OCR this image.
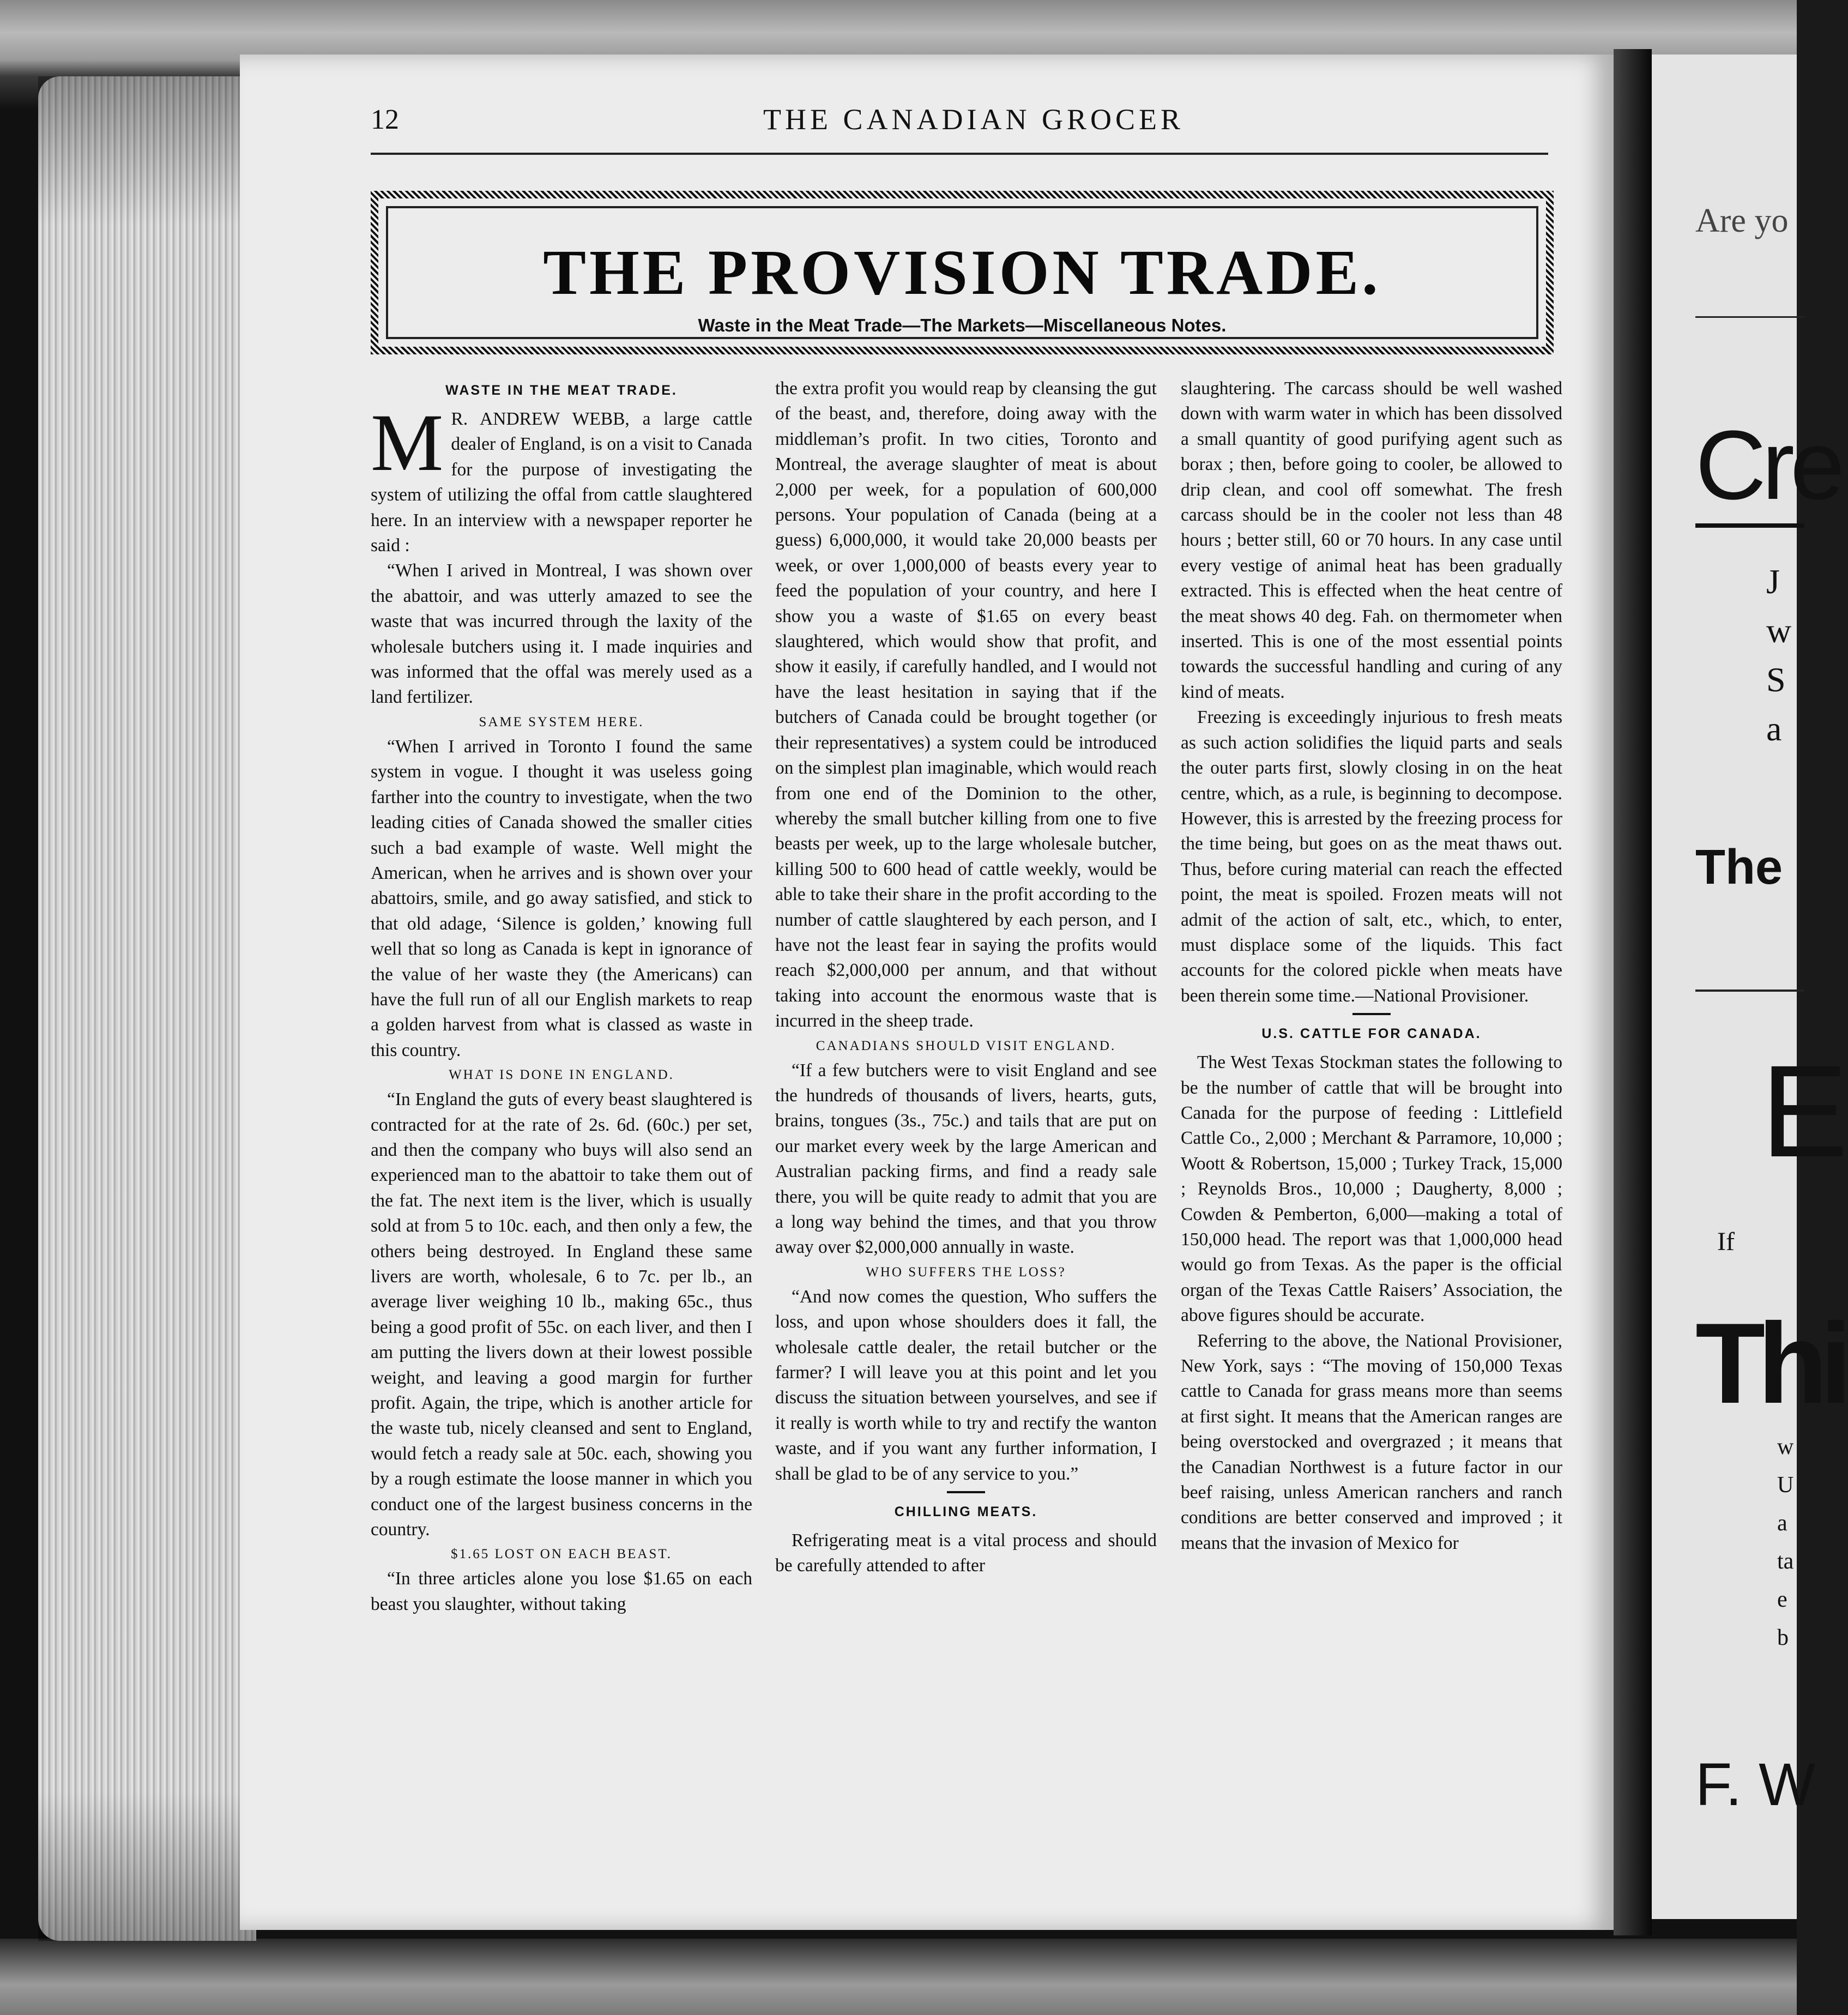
Are yo
Cre
J
w
S
a
The
E
If
Thi
w
U
a
ta
e
b
F. W
12	THE CANADIAN GROCER
THE PROVISION TRADE.
Waste in the Meat Trade—The Markets—Miscellaneous Notes.
WASTE IN THE MEAT TRADE.

M R. ANDREW WEBB, a large cattle dealer of England, is on a visit to Canada for the purpose of investigating the system of utilizing the offal from cattle slaughtered here. In an interview with a newspaper reporter he said :

“When I arived in Montreal, I was shown over the abattoir, and was utterly amazed to see the waste that was incurred through the laxity of the wholesale butchers using it. I made inquiries and was informed that the offal was merely used as a land fertilizer.

SAME SYSTEM HERE.

“When I arrived in Toronto I found the same system in vogue. I thought it was useless going farther into the country to investigate, when the two leading cities of Canada showed the smaller cities such a bad example of waste. Well might the American, when he arrives and is shown over your abattoirs, smile, and go away satisfied, and stick to that old adage, ‘Silence is golden,’ knowing full well that so long as Canada is kept in ignorance of the value of her waste they (the Americans) can have the full run of all our English markets to reap a golden harvest from what is classed as waste in this country.

WHAT IS DONE IN ENGLAND.

“In England the guts of every beast slaughtered is contracted for at the rate of 2s. 6d. (60c.) per set, and then the company who buys will also send an experienced man to the abattoir to take them out of the fat. The next item is the liver, which is usually sold at from 5 to 10c. each, and then only a few, the others being destroyed. In England these same livers are worth, wholesale, 6 to 7c. per lb., an average liver weighing 10 lb., making 65c., thus being a good profit of 55c. on each liver, and then I am putting the livers down at their lowest possible weight, and leaving a good margin for further profit. Again, the tripe, which is another article for the waste tub, nicely cleansed and sent to England, would fetch a ready sale at 50c. each, showing you by a rough estimate the loose manner in which you conduct one of the largest business concerns in the country.

$1.65 LOST ON EACH BEAST.

“In three articles alone you lose $1.65 on each beast you slaughter, without taking

the extra profit you would reap by cleansing the gut of the beast, and, therefore, doing away with the middleman’s profit. In two cities, Toronto and Montreal, the average slaughter of meat is about 2,000 per week, for a population of 600,000 persons. Your population of Canada (being at a guess) 6,000,000, it would take 20,000 beasts per week, or over 1,000,000 of beasts every year to feed the population of your country, and here I show you a waste of $1.65 on every beast slaughtered, which would show that profit, and show it easily, if carefully handled, and I would not have the least hesitation in saying that if the butchers of Canada could be brought together (or their representatives) a system could be introduced on the simplest plan imaginable, which would reach from one end of the Dominion to the other, whereby the small butcher killing from one to five beasts per week, up to the large wholesale butcher, killing 500 to 600 head of cattle weekly, would be able to take their share in the profit according to the number of cattle slaughtered by each person, and I have not the least fear in saying the profits would reach $2,000,000 per annum, and that without taking into account the enormous waste that is incurred in the sheep trade.

CANADIANS SHOULD VISIT ENGLAND.

“If a few butchers were to visit England and see the hundreds of thousands of livers, hearts, guts, brains, tongues (3s., 75c.) and tails that are put on our market every week by the large American and Australian packing firms, and find a ready sale there, you will be quite ready to admit that you are a long way behind the times, and that you throw away over $2,000,000 annually in waste.

WHO SUFFERS THE LOSS?

“And now comes the question, Who suffers the loss, and upon whose shoulders does it fall, the wholesale cattle dealer, the retail butcher or the farmer? I will leave you at this point and let you discuss the situation between yourselves, and see if it really is worth while to try and rectify the wanton waste, and if you want any further information, I shall be glad to be of any service to you.”

CHILLING MEATS.

Refrigerating meat is a vital process and should be carefully attended to after

slaughtering. The carcass should be well washed down with warm water in which has been dissolved a small quantity of good purifying agent such as borax ; then, before going to cooler, be allowed to drip clean, and cool off somewhat. The fresh carcass should be in the cooler not less than 48 hours ; better still, 60 or 70 hours. In any case until every vestige of animal heat has been gradually extracted. This is effected when the heat centre of the meat shows 40 deg. Fah. on thermometer when inserted. This is one of the most essential points towards the successful handling and curing of any kind of meats.

Freezing is exceedingly injurious to fresh meats as such action solidifies the liquid parts and seals the outer parts first, slowly closing in on the heat centre, which, as a rule, is beginning to decompose. However, this is arrested by the freezing process for the time being, but goes on as the meat thaws out. Thus, before curing material can reach the effected point, the meat is spoiled. Frozen meats will not admit of the action of salt, etc., which, to enter, must displace some of the liquids. This fact accounts for the colored pickle when meats have been therein some time.—National Provisioner.

U.S. CATTLE FOR CANADA.

The West Texas Stockman states the following to be the number of cattle that will be brought into Canada for the purpose of feeding : Littlefield Cattle Co., 2,000 ; Merchant & Parramore, 10,000 ; Woott & Robertson, 15,000 ; Turkey Track, 15,000 ; Reynolds Bros., 10,000 ; Daugherty, 8,000 ; Cowden & Pemberton, 6,000—making a total of 150,000 head. The report was that 1,000,000 head would go from Texas. As the paper is the official organ of the Texas Cattle Raisers’ Association, the above figures should be accurate.

Referring to the above, the National Provisioner, New York, says : “The moving of 150,000 Texas cattle to Canada for grass means more than seems at first sight. It means that the American ranges are being overstocked and overgrazed ; it means that the Canadian Northwest is a future factor in our beef raising, unless American ranchers and ranch conditions are better conserved and improved ; it means that the invasion of Mexico for
